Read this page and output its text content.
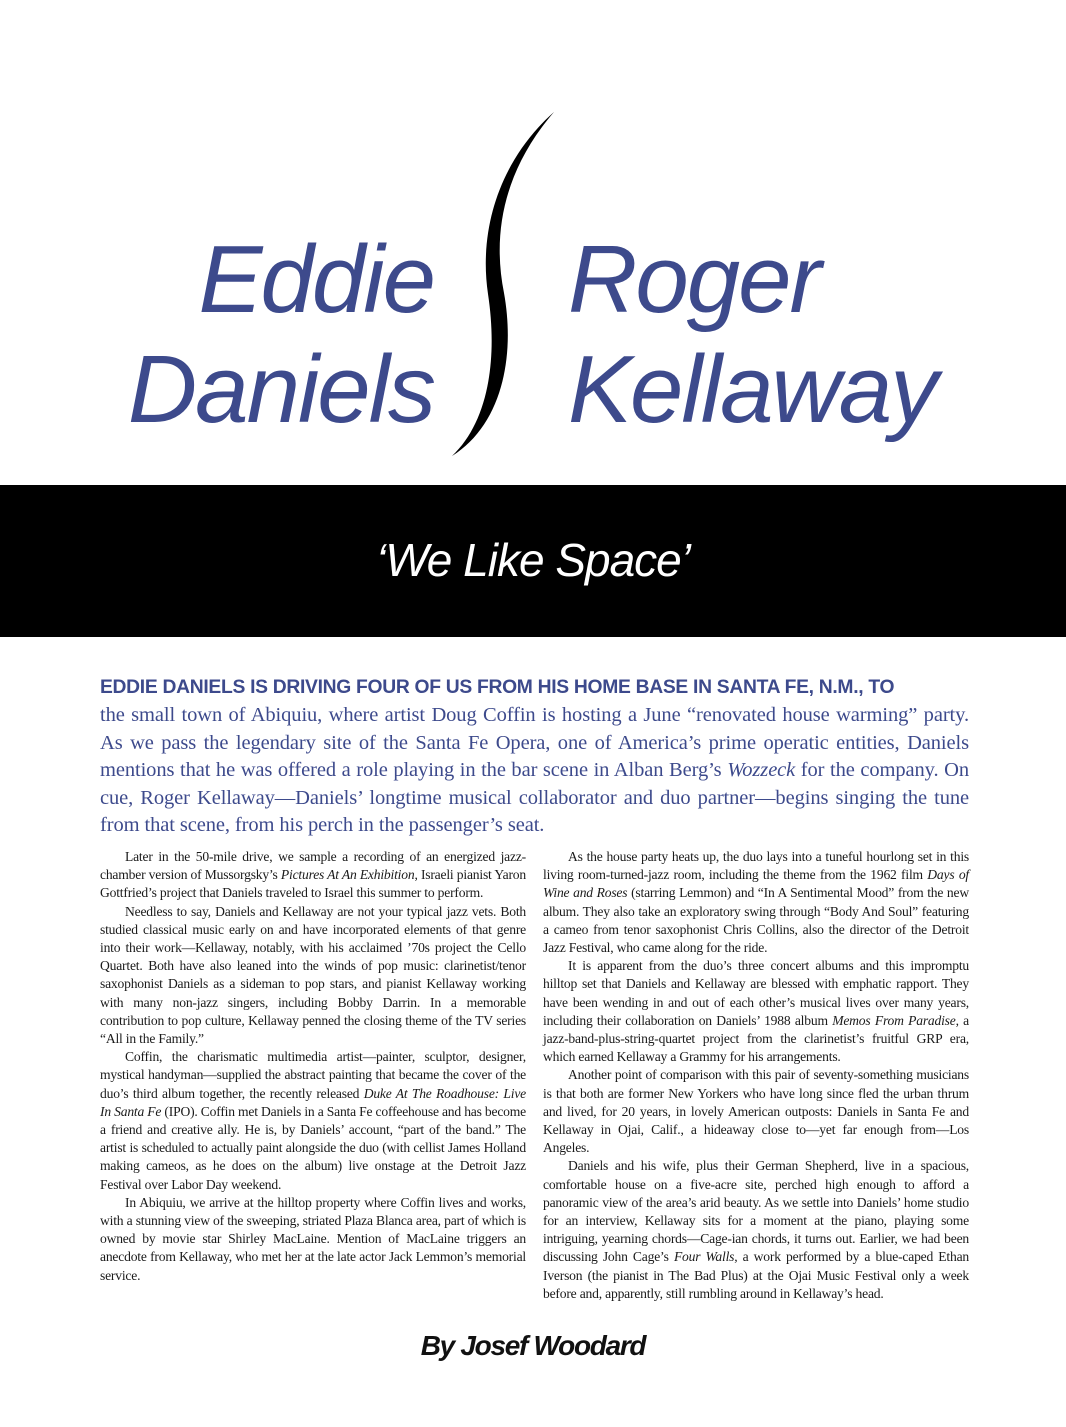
Eddie
Daniels
Roger
Kellaway
‘We Like Space’

EDDIE DANIELS IS DRIVING FOUR OF US FROM HIS HOME BASE IN SANTA FE, N.M., TO
the small town of Abiquiu, where artist Doug Coffin is hosting a June “renovated house warming” party. As we pass the legendary site of the Santa Fe Opera, one of America’s prime operatic entities, Daniels mentions that he was offered a role playing in the bar scene in Alban Berg’s Wozzeck for the company. On cue, Roger Kellaway—Daniels’ longtime musical collaborator and duo partner—begins singing the tune from that scene, from his perch in the passenger’s seat.

Later in the 50-mile drive, we sample a recording of an energized jazz-chamber version of Mussorgsky’s Pictures At An Exhibition, Israeli pianist Yaron Gottfried’s project that Daniels traveled to Israel this summer to perform.

Needless to say, Daniels and Kellaway are not your typical jazz vets. Both studied classical music early on and have incorporated elements of that genre into their work—Kellaway, notably, with his acclaimed ’70s project the Cello Quartet. Both have also leaned into the winds of pop music: clarinetist/tenor saxophonist Daniels as a sideman to pop stars, and pianist Kellaway working with many non-jazz singers, including Bobby Darrin. In a memorable contribution to pop culture, Kellaway penned the closing theme of the TV series “All in the Family.”

Coffin, the charismatic multimedia artist—painter, sculptor, designer, mystical handyman—supplied the abstract painting that became the cover of the duo’s third album together, the recently released Duke At The Roadhouse: Live In Santa Fe (IPO). Coffin met Daniels in a Santa Fe coffeehouse and has become a friend and creative ally. He is, by Daniels’ account, “part of the band.” The artist is scheduled to actually paint alongside the duo (with cellist James Holland making cameos, as he does on the album) live onstage at the Detroit Jazz Festival over Labor Day weekend.

In Abiquiu, we arrive at the hilltop property where Coffin lives and works, with a stunning view of the sweeping, striated Plaza Blanca area, part of which is owned by movie star Shirley MacLaine. Mention of MacLaine triggers an anecdote from Kellaway, who met her at the late actor Jack Lemmon’s memorial service.

As the house party heats up, the duo lays into a tuneful hourlong set in this living room-turned-jazz room, including the theme from the 1962 film Days of Wine and Roses (starring Lemmon) and “In A Sentimental Mood” from the new album. They also take an exploratory swing through “Body And Soul” featuring a cameo from tenor saxophonist Chris Collins, also the director of the Detroit Jazz Festival, who came along for the ride.

It is apparent from the duo’s three concert albums and this impromptu hilltop set that Daniels and Kellaway are blessed with emphatic rapport. They have been wending in and out of each other’s musical lives over many years, including their collaboration on Daniels’ 1988 album Memos From Paradise, a jazz-band-plus-string-quartet project from the clarinetist’s fruitful GRP era, which earned Kellaway a Grammy for his arrangements.

Another point of comparison with this pair of seventy-something musicians is that both are former New Yorkers who have long since fled the urban thrum and lived, for 20 years, in lovely American outposts: Daniels in Santa Fe and Kellaway in Ojai, Calif., a hideaway close to—yet far enough from—Los Angeles.

Daniels and his wife, plus their German Shepherd, live in a spacious, comfortable house on a five-acre site, perched high enough to afford a panoramic view of the area’s arid beauty. As we settle into Daniels’ home studio for an interview, Kellaway sits for a moment at the piano, playing some intriguing, yearning chords—Cage-ian chords, it turns out. Earlier, we had been discussing John Cage’s Four Walls, a work performed by a blue-caped Ethan Iverson (the pianist in The Bad Plus) at the Ojai Music Festival only a week before and, apparently, still rumbling around in Kellaway’s head.

By Josef Woodard
